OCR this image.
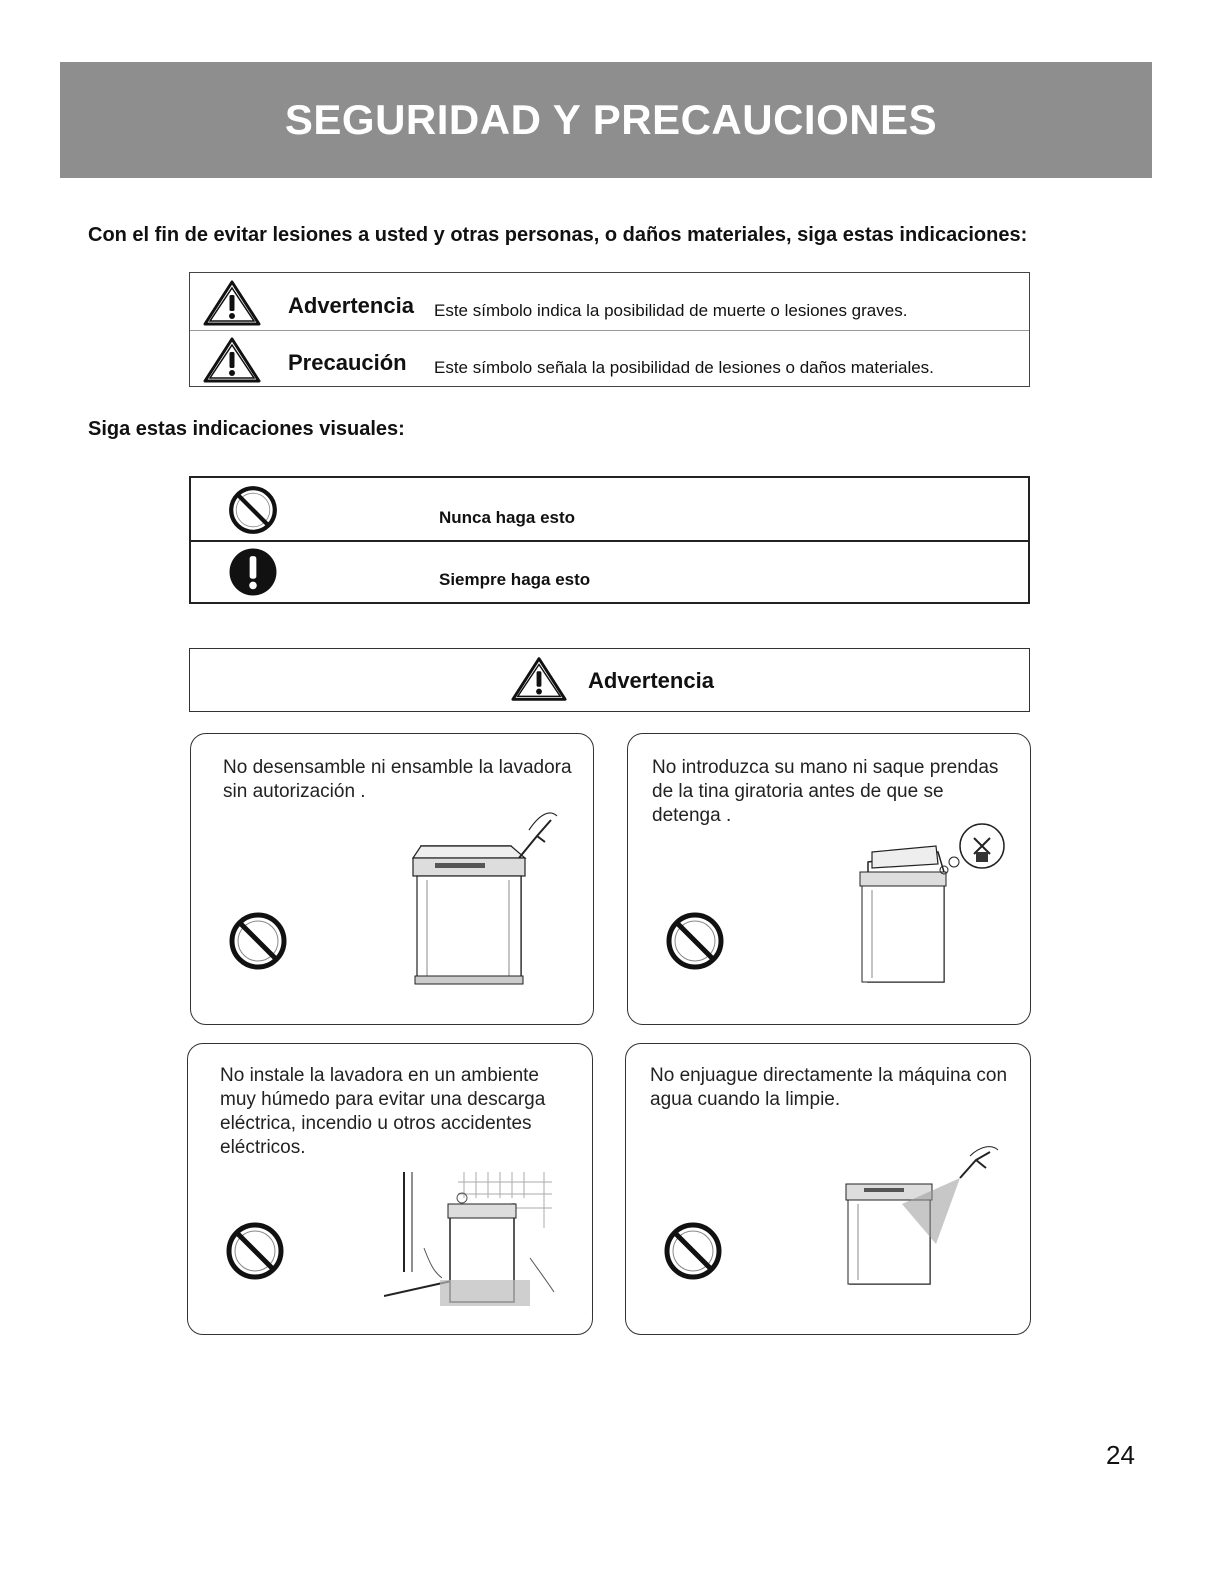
SEGURIDAD Y PRECAUCIONES
Con el fin de evitar lesiones a usted y otras personas, o daños materiales, siga estas indicaciones:
Advertencia Este símbolo indica la posibilidad de muerte o lesiones graves.
Precaución Este símbolo señala la posibilidad de lesiones o daños materiales.
Siga estas indicaciones visuales:
Nunca haga esto
Siempre haga esto
Advertencia
No desensamble ni ensamble la lavadora sin autorización .
No introduzca su mano ni saque prendas de la tina giratoria antes de que se detenga .
No instale la lavadora en un ambiente muy húmedo para evitar una descarga eléctrica, incendio u otros accidentes eléctricos.
No enjuague directamente la máquina con agua cuando la limpie.
24
